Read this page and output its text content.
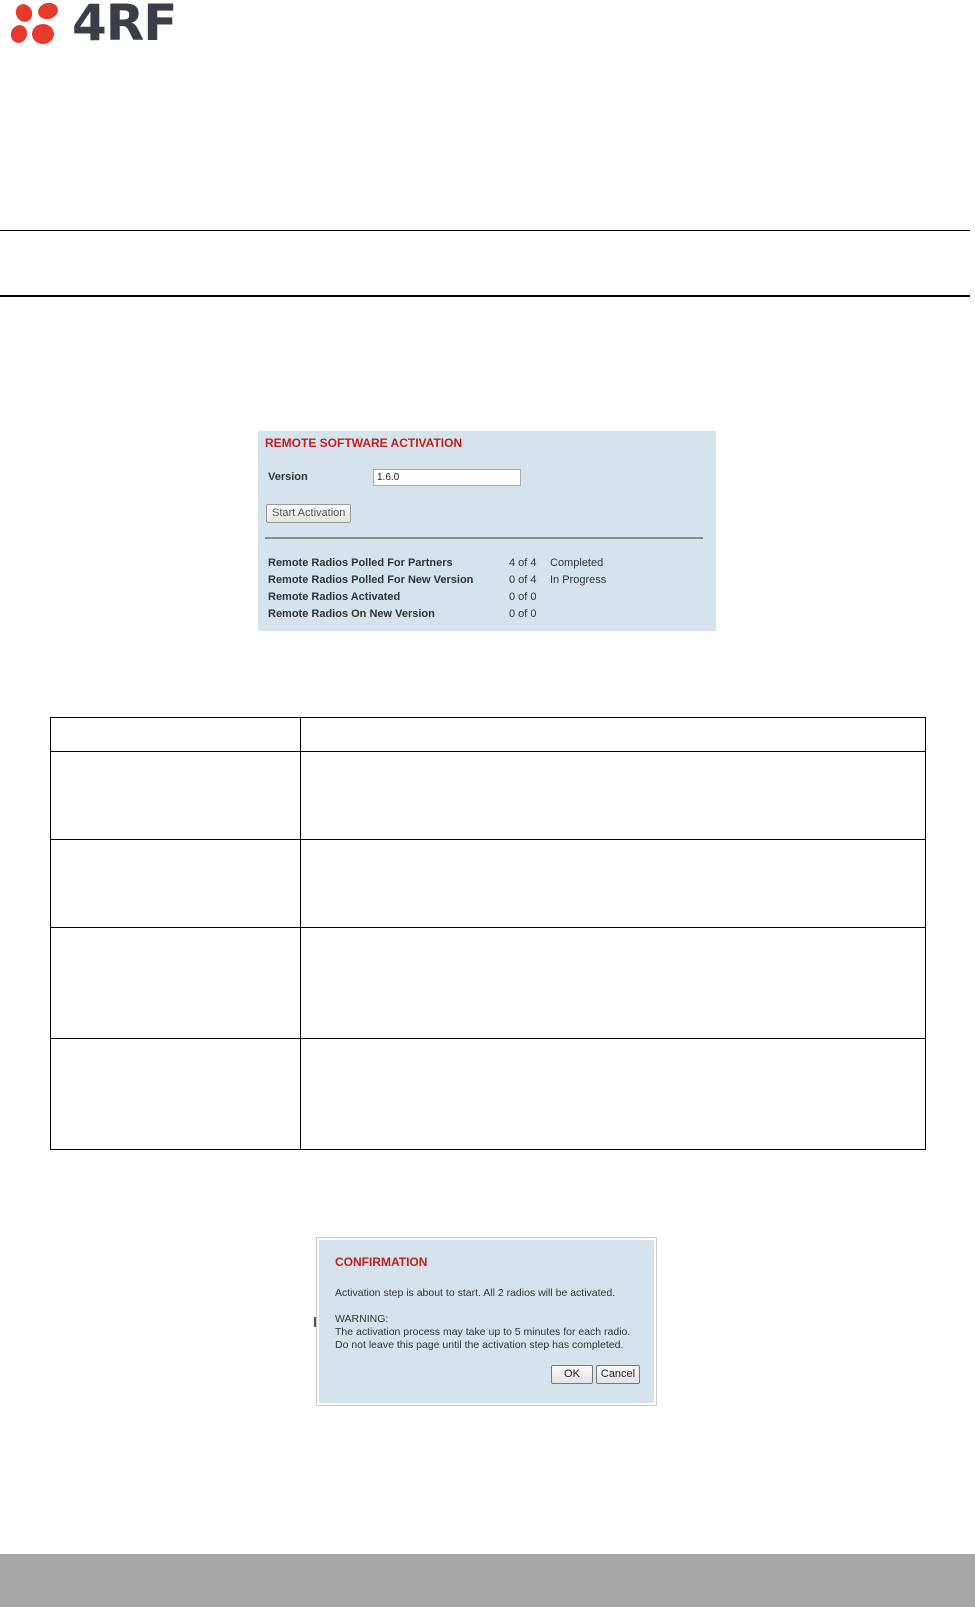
4RF
REMOTE SOFTWARE ACTIVATION
Version	1.6.0
Start Activation
Remote Radios Polled For Partners	4 of 4 Completed
Remote Radios Polled For New Version	0 of 4 In Progress
Remote Radios Activated	0 of 0
Remote Radios On New Version	0 of 0

CONFIRMATION
Activation step is about to start. All 2 radios will be activated.
WARNING:
The activation process may take up to 5 minutes for each radio.
Do not leave this page until the activation step has completed.
OK	Cancel
